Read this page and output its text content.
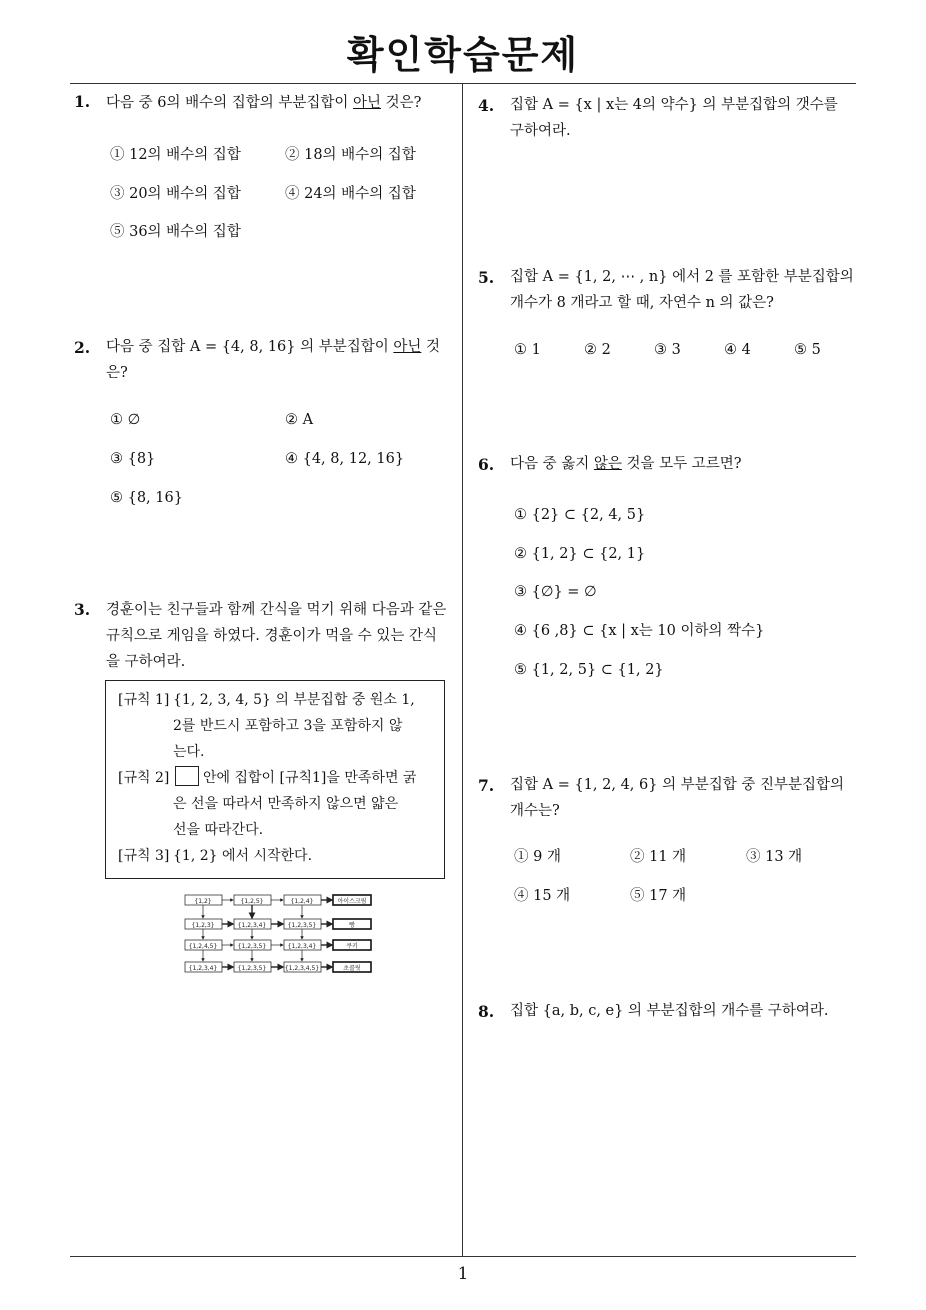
확인학습문제
1. 다음 중 6의 배수의 집합의 부분집합이 아닌 것은?
① 12의 배수의 집합	② 18의 배수의 집합
③ 20의 배수의 집합	④ 24의 배수의 집합
⑤ 36의 배수의 집합
2. 다음 중 집합 A = {4, 8, 16} 의 부분집합이 아닌 것
은?
① ∅	② A
③ {8}	④ {4, 8, 12, 16}
⑤ {8, 16}
3. 경훈이는 친구들과 함께 간식을 먹기 위해 다음과 같은
규칙으로 게임을 하였다. 경훈이가 먹을 수 있는 간식
을 구하여라.
[규칙 1] {1, 2, 3, 4, 5} 의 부분집합 중 원소 1,
2를 반드시 포함하고 3을 포함하지 않
는다.
[규칙 2]	안에 집합이 [규칙1]을 만족하면 굵
은 선을 따라서 만족하지 않으면 얇은
선을 따라간다.
[규칙 3] {1, 2} 에서 시작한다.
{1,2}	{1,2,5}	{1,2,4}	아이스크림
{1,2,3}	{1,2,3,4}	{1,2,3,5}	빵
{1,2,4,5}	{1,2,3,5}	{1,2,3,4}	쿠키
{1,2,3,4}	{1,2,3,5}	{1,2,3,4,5}	초콜릿
4. 집합 A = {x | x는 4의 약수} 의 부분집합의 갯수를
구하여라.
5. 집합 A = {1, 2, ⋯ , n} 에서 2 를 포함한 부분집합의
개수가 8 개라고 할 때, 자연수 n 의 값은?
① 1	② 2	③ 3	④ 4	⑤ 5
6. 다음 중 옳지 않은 것을 모두 고르면?
① {2} ⊂ {2, 4, 5}
② {1, 2} ⊂ {2, 1}
③ {∅} = ∅
④ {6 ,8} ⊂ {x | x는 10 이하의 짝수}
⑤ {1, 2, 5} ⊂ {1, 2}
7. 집합 A = {1, 2, 4, 6} 의 부분집합 중 진부분집합의
개수는?
① 9 개	② 11 개	③ 13 개
④ 15 개	⑤ 17 개
8. 집합 {a, b, c, e} 의 부분집합의 개수를 구하여라.
1
